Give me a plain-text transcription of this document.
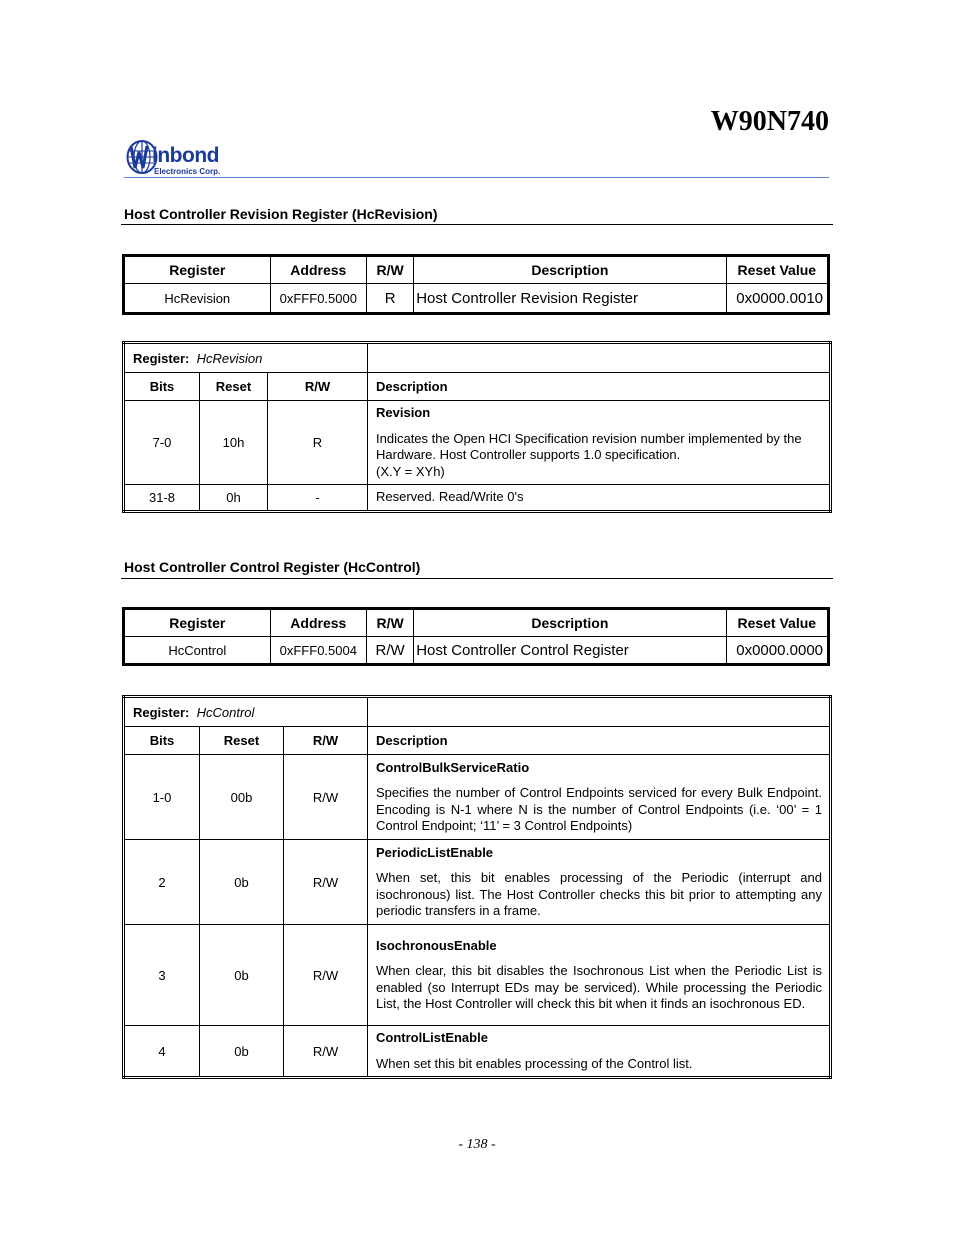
W90N740
inbond
Electronics Corp.
Host Controller Revision Register (HcRevision)
Register	Address	R/W	Description	Reset Value
HcRevision	0xFFF0.5000	R	Host Controller Revision Register	0x0000.0010
Register: HcRevision			
Bits	Reset	R/W	Description
7-0	10h	R	Revision
Indicates the Open HCI Specification revision number implemented by the Hardware. Host Controller supports 1.0 specification.
(X.Y = XYh)

31-8	0h	-	Reserved. Read/Write 0's
Host Controller Control Register (HcControl)
Register	Address	R/W	Description	Reset Value
HcControl	0xFFF0.5004	R/W	Host Controller Control Register	0x0000.0000
Register: HcControl			
Bits	Reset	R/W	Description
1-0	00b	R/W	ControlBulkServiceRatio
Specifies the number of Control Endpoints serviced for every Bulk Endpoint. Encoding is N-1 where N is the number of Control Endpoints (i.e. ‘00’ = 1 Control Endpoint; ‘11’ = 3 Control Endpoints)

2	0b	R/W	PeriodicListEnable
When set, this bit enables processing of the Periodic (interrupt and isochronous) list. The Host Controller checks this bit prior to attempting any periodic transfers in a frame.

3	0b	R/W	IsochronousEnable
When clear, this bit disables the Isochronous List when the Periodic List is enabled (so Interrupt EDs may be serviced). While processing the Periodic List, the Host Controller will check this bit when it finds an isochronous ED.

4	0b	R/W	ControlListEnable
When set this bit enables processing of the Control list.
- 138 -
